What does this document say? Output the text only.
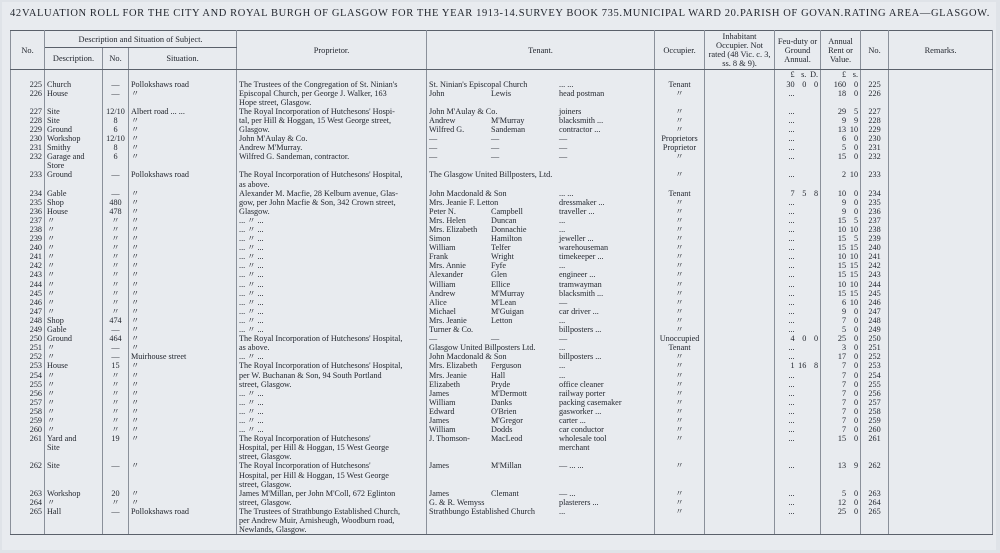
42 VALUATION ROLL FOR THE CITY AND ROYAL BURGH OF GLASGOW FOR THE YEAR 1913-14. SURVEY BOOK 735. MUNICIPAL WARD 20. PARISH OF GOVAN. RATING AREA—GLASGOW.
No.	Description and Situation of Subject.			Proprietor.	Tenant.	Occupier.	Inhabitant Occupier. Not rated (48 Vic. c. 3, ss. 8 & 9).	Feu-duty or Ground Annual.	Annual Rent or Value.	No.	Remarks.
	Description.	No.	Situation.								

								£ s. D.	£ s.		

225	Church	—	Pollokshaws road	The Trustees of the Congregation of St. Ninian's	St. Ninian's Episcopal Church ... ...	Tenant		30 0 0	160 0	225	
226	House	—	〃	Episcopal Church, per George J. Walker, 163	John Lewis head postman	〃		...	18 0	226	
				Hope street, Glasgow.	

227	Site	12/10	Albert road ... ...	The Royal Incorporation of Hutchesons' Hospi-	John M'Aulay & Co. joiners	〃		...	29 5	227	
228	Site	8	〃	tal, per Hill & Hoggan, 15 West George street,	Andrew M'Murray blacksmith ...	〃		...	9 9	228	
229	Ground	6	〃	Glasgow.	Wilfred G. Sandeman contractor ...	〃		...	13 10	229	
230	Workshop	12/10	〃	John M'Aulay & Co.	— — —	Proprietors		...	6 0	230	
231	Smithy	8	〃	Andrew M'Murray.	— — —	Proprietor		...	5 0	231	
232	Garage and	6	〃	Wilfred G. Sandeman, contractor.	— — —	〃		...	15 0	232	
	Store				

233	Ground	—	Pollokshaws road	The Royal Incorporation of Hutchesons' Hospital,	The Glasgow United Billposters, Ltd.	〃		...	2 10	233	
				as above.	

234	Gable	—	〃	Alexander M. Macfie, 28 Kelburn avenue, Glas-	John Macdonald & Son ... ...	Tenant		7 5 8	10 0	234	
235	Shop	480	〃	gow, per John Macfie & Son, 342 Crown street,	Mrs. Jeanie F. Letton dressmaker ...	〃		...	9 0	235	
236	House	478	〃	Glasgow.	Peter N. Campbell traveller ...	〃		...	9 0	236	
237	〃	〃	〃	... 〃 ...	Mrs. Helen Duncan ...	〃		...	15 5	237	
238	〃	〃	〃	... 〃 ...	Mrs. Elizabeth Donnachie ...	〃		...	10 10	238	
239	〃	〃	〃	... 〃 ...	Simon Hamilton jeweller ...	〃		...	15 5	239	
240	〃	〃	〃	... 〃 ...	William Telfer warehouseman	〃		...	15 15	240	
241	〃	〃	〃	... 〃 ...	Frank Wright timekeeper ...	〃		...	10 10	241	
242	〃	〃	〃	... 〃 ...	Mrs. Annie Fyfe ...	〃		...	15 15	242	
243	〃	〃	〃	... 〃 ...	Alexander Glen engineer ...	〃		...	15 15	243	
244	〃	〃	〃	... 〃 ...	William Ellice tramwayman	〃		...	10 10	244	
245	〃	〃	〃	... 〃 ...	Andrew M'Murray blacksmith ...	〃		...	15 15	245	
246	〃	〃	〃	... 〃 ...	Alice M'Lean —	〃		...	6 10	246	
247	〃	〃	〃	... 〃 ...	Michael M'Guigan car driver ...	〃		...	9 0	247	
248	Shop	474	〃	... 〃 ...	Mrs. Jeanie Letton ...	〃		...	7 0	248	
249	Gable	—	〃	... 〃 ...	Turner & Co. billposters ...	〃		...	5 0	249	
250	Ground	464	〃	The Royal Incorporation of Hutchesons' Hospital,	— — —	Unoccupied		4 0 0	25 0	250	
251	〃	—	〃	as above.	Glasgow United Billposters Ltd. ...	Tenant		...	3 0	251	
252	〃	—	Muirhouse street	... 〃 ...	John Macdonald & Son billposters ...	〃		...	17 0	252	
253	House	15	〃	The Royal Incorporation of Hutchesons' Hospital,	Mrs. Elizabeth Ferguson ...	〃		1 16 8	7 0	253	
254	〃	〃	〃	per W. Buchanan & Son, 94 South Portland	Mrs. Jeanie Hall ...	〃		...	7 0	254	
255	〃	〃	〃	street, Glasgow.	Elizabeth Pryde office cleaner	〃		...	7 0	255	
256	〃	〃	〃	... 〃 ...	James M'Dermott railway porter	〃		...	7 0	256	
257	〃	〃	〃	... 〃 ...	William Danks packing casemaker	〃		...	7 0	257	
258	〃	〃	〃	... 〃 ...	Edward O'Brien gasworker ...	〃		...	7 0	258	
259	〃	〃	〃	... 〃 ...	James M'Gregor carter ...	〃		...	7 0	259	
260	〃	〃	〃	... 〃 ...	William Dodds car conductor	〃		...	7 0	260	
261	Yard and	19	〃	The Royal Incorporation of Hutchesons'	J. Thomson- MacLeod wholesale tool	〃		...	15 0	261	
	Site			Hospital, per Hill & Hoggan, 15 West George	merchant						

				street, Glasgow.	

262	Site	—	〃	The Royal Incorporation of Hutchesons'	James M'Millan — ... ...	〃		...	13 9	262	
				Hospital, per Hill & Hoggan, 15 West George	

				street, Glasgow.	

263	Workshop	20	〃	James M'Millan, per John M'Coll, 672 Eglinton	James Clemant — ...	〃		...	5 0	263	
264	〃	〃	〃	street, Glasgow.	G. & R. Wemyss plasterers ...	〃		...	12 0	264	
265	Hall	—	Pollokshaws road	The Trustees of Strathbungo Established Church,	Strathbungo Established Church ...	〃		...	25 0	265	
				per Andrew Muir, Arnisheugh, Woodburn road,	

				Newlands, Glasgow.	
